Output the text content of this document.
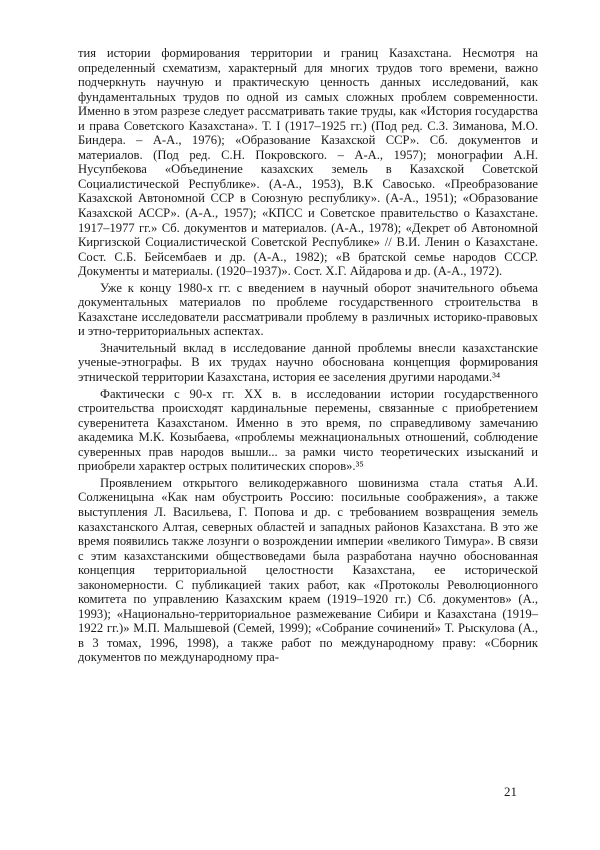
тия истории формирования территории и границ Казахстана. Несмотря на определенный схематизм, характерный для многих трудов того времени, важно подчеркнуть научную и практическую ценность данных исследований, как фундаментальных трудов по одной из самых сложных проблем современности. Именно в этом разрезе следует рассматривать такие труды, как «История государства и права Советского Казахстана». Т. I (1917–1925 гг.) (Под ред. С.З. Зиманова, М.О. Биндера. – А-А., 1976); «Образование Казахской ССР». Сб. документов и материалов. (Под ред. С.Н. Покровского. – А-А., 1957); монографии А.Н. Нусупбекова «Объединение казахских земель в Казахской Советской Социалистической Республике». (А-А., 1953), В.К Савосько. «Преобразование Казахской Автономной ССР в Союзную республику». (А-А., 1951); «Образование Казахской АССР». (А-А., 1957); «КПСС и Советское правительство о Казахстане. 1917–1977 гг.» Сб. документов и материалов. (А-А., 1978); «Декрет об Автономной Киргизской Социалистической Советской Республике» // В.И. Ленин о Казахстане. Сост. С.Б. Бейсембаев и др. (А-А., 1982); «В братской семье народов СССР. Документы и материалы. (1920–1937)». Сост. Х.Г. Айдарова и др. (А-А., 1972).

Уже к концу 1980-х гг. с введением в научный оборот значительного объема документальных материалов по проблеме государственного строительства в Казахстане исследователи рассматривали проблему в различных историко-правовых и этно-территориальных аспектах.

Значительный вклад в исследование данной проблемы внесли казахстанские ученые-этнографы. В их трудах научно обоснована концепция формирования этнической территории Казахстана, история ее заселения другими народами.³⁴

Фактически с 90-х гг. XX в. в исследовании истории государственного строительства происходят кардинальные перемены, связанные с приобретением суверенитета Казахстаном. Именно в это время, по справедливому замечанию академика М.К. Козыбаева, «проблемы межнациональных отношений, соблюдение суверенных прав народов вышли... за рамки чисто теоретических изысканий и приобрели характер острых политических споров».³⁵

Проявлением открытого великодержавного шовинизма стала статья А.И. Солженицына «Как нам обустроить Россию: посильные соображения», а также выступления Л. Васильева, Г. Попова и др. с требованием возвращения земель казахстанского Алтая, северных областей и западных районов Казахстана. В это же время появились также лозунги о возрождении империи «великого Тимура». В связи с этим казахстанскими обществоведами была разработана научно обоснованная концепция территориальной целостности Казахстана, ее исторической закономерности. С публикацией таких работ, как «Протоколы Революционного комитета по управлению Казахским краем (1919–1920 гг.) Сб. документов» (А., 1993); «Национально-территориальное размежевание Сибири и Казахстана (1919–1922 гг.)» М.П. Малышевой (Семей, 1999); «Собрание сочинений» Т. Рыскулова (А., в 3 томах, 1996, 1998), а также работ по международному праву: «Сборник документов по международному пра-

21
